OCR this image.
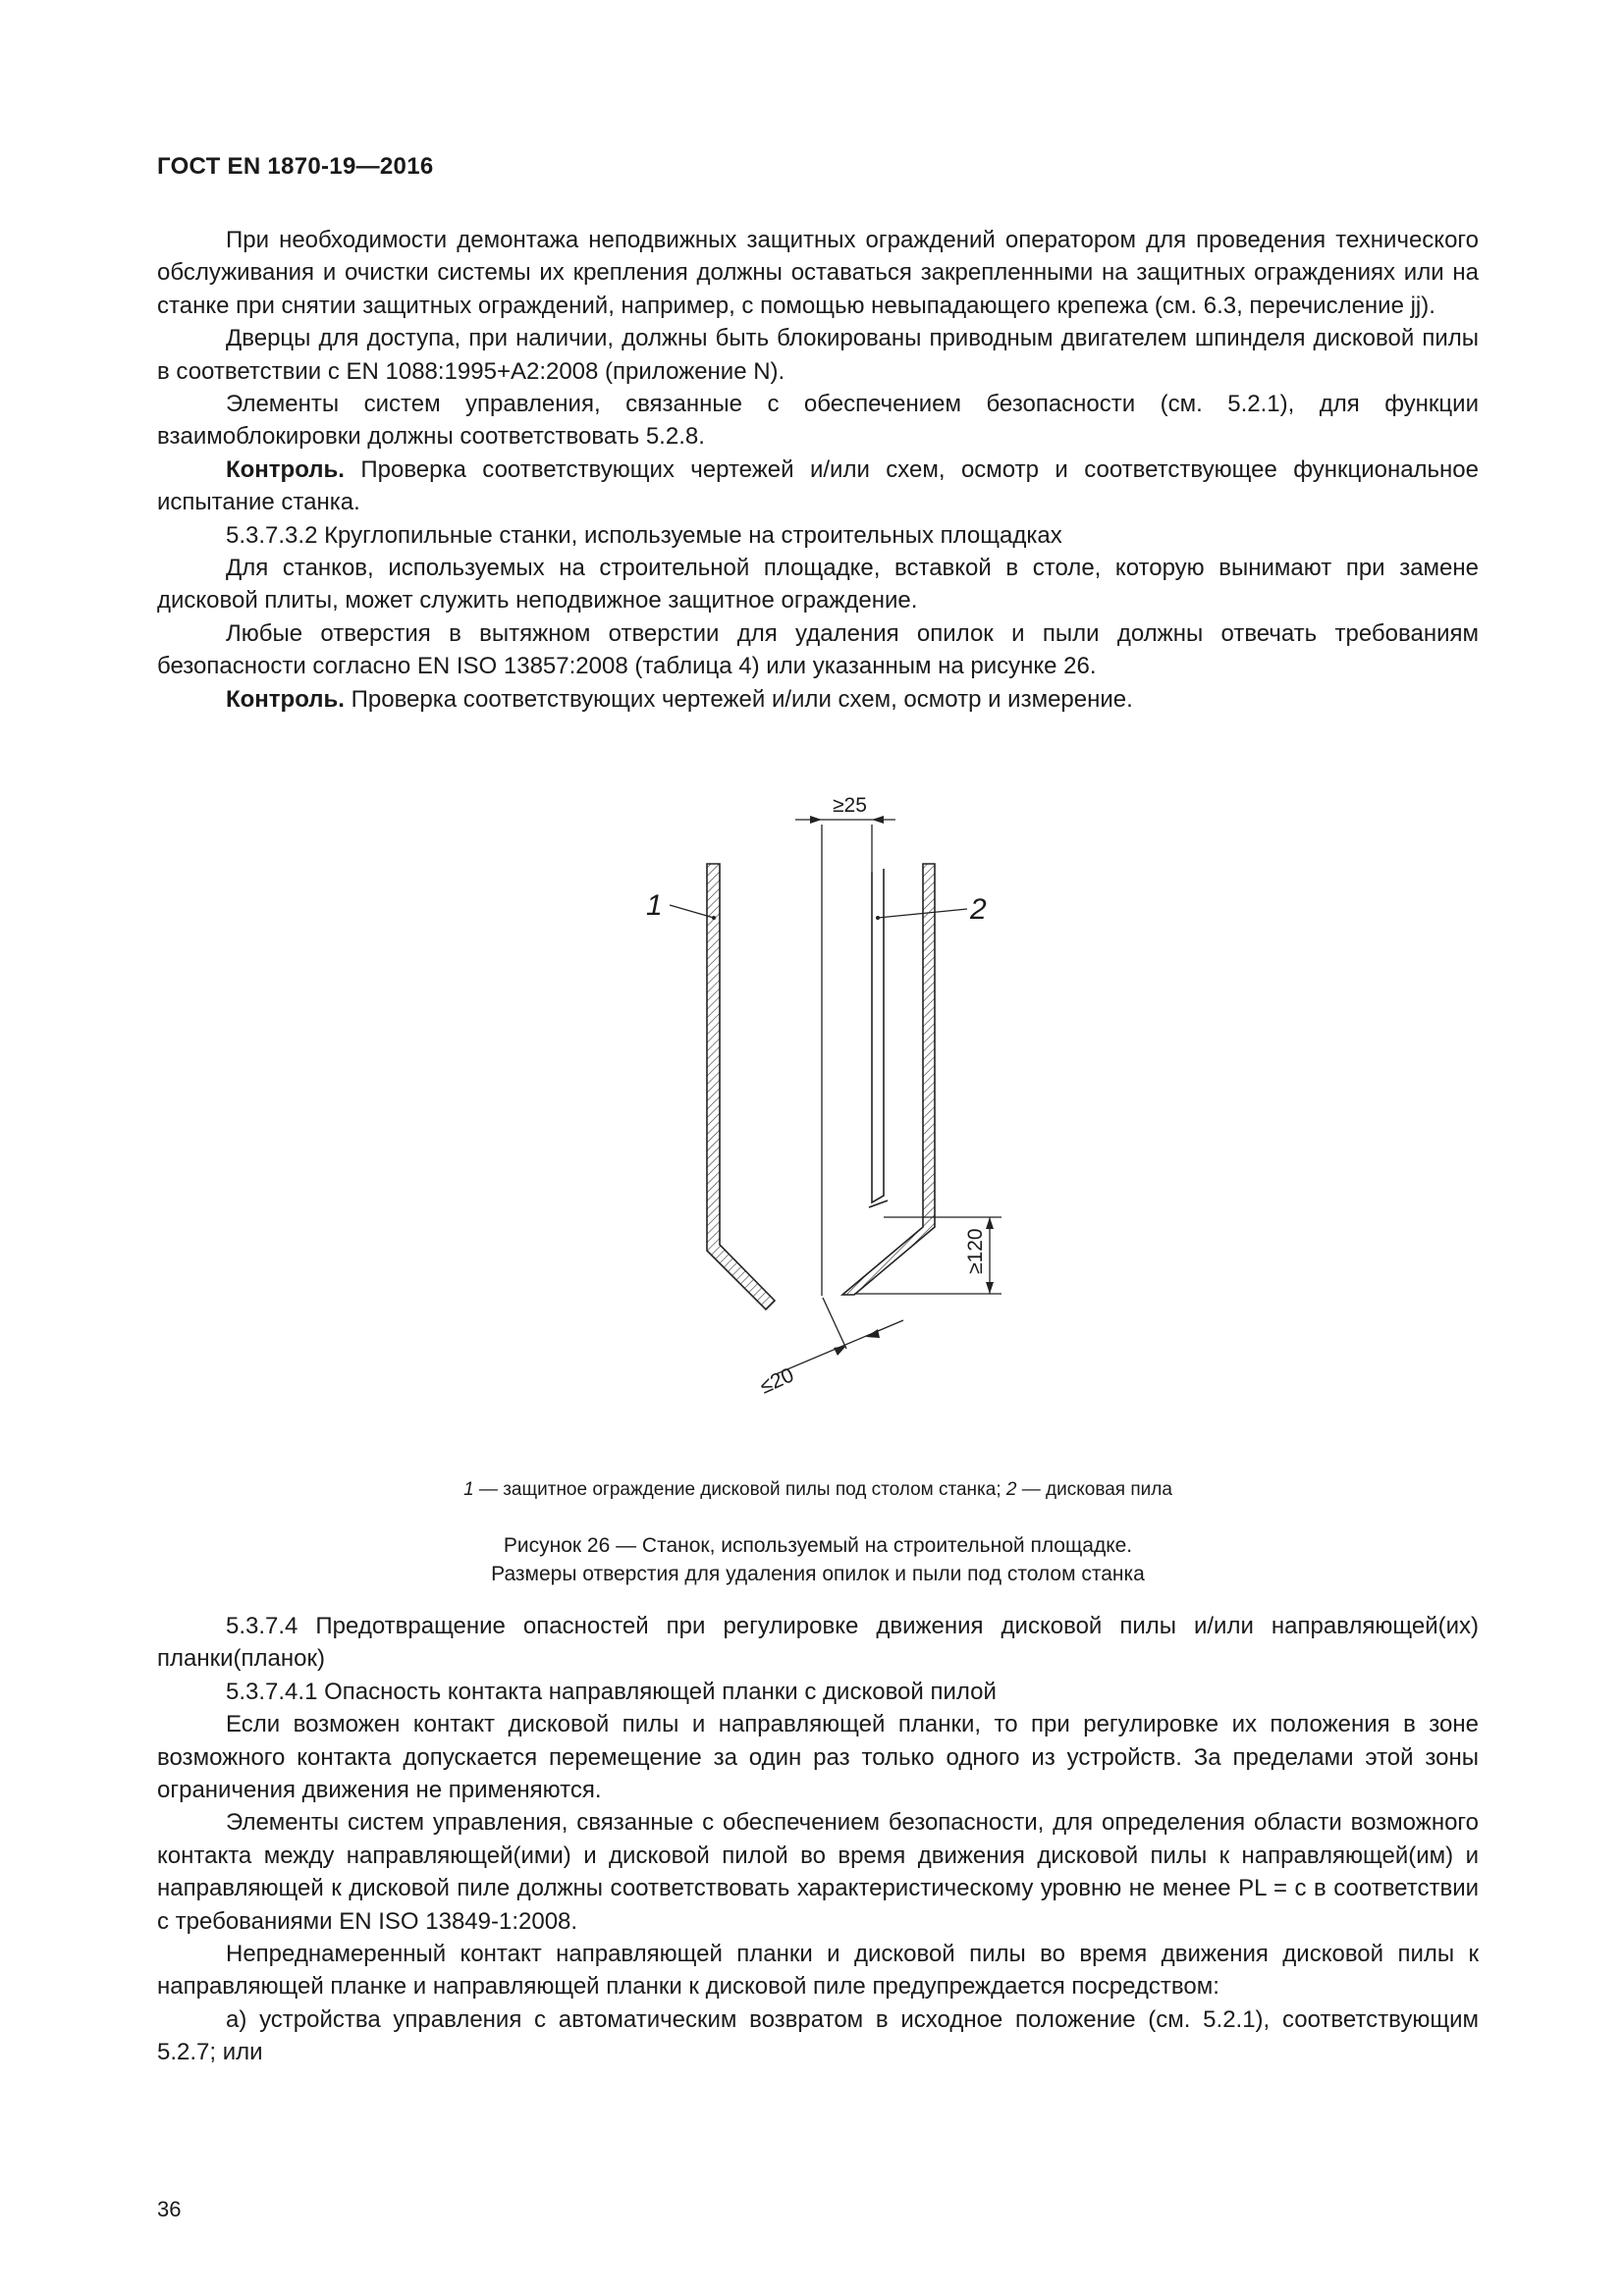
ГОСТ EN 1870-19—2016

При необходимости демонтажа неподвижных защитных ограждений оператором для проведения технического обслуживания и очистки системы их крепления должны оставаться закрепленными на защитных ограждениях или на станке при снятии защитных ограждений, например, с помощью невыпадающего крепежа (см. 6.3, перечисление jj).

Дверцы для доступа, при наличии, должны быть блокированы приводным двигателем шпинделя дисковой пилы в соответствии с EN 1088:1995+A2:2008 (приложение N).

Элементы систем управления, связанные с обеспечением безопасности (см. 5.2.1), для функции взаимоблокировки должны соответствовать 5.2.8.

Контроль. Проверка соответствующих чертежей и/или схем, осмотр и соответствующее функциональное испытание станка.

5.3.7.3.2 Круглопильные станки, используемые на строительных площадках

Для станков, используемых на строительной площадке, вставкой в столе, которую вынимают при замене дисковой плиты, может служить неподвижное защитное ограждение.

Любые отверстия в вытяжном отверстии для удаления опилок и пыли должны отвечать требованиям безопасности согласно EN ISO 13857:2008 (таблица 4) или указанным на рисунке 26.

Контроль. Проверка соответствующих чертежей и/или схем, осмотр и измерение.

≥25
≥120
≤20
1	2
1 — защитное ограждение дисковой пилы под столом станка; 2 — дисковая пила
Рисунок 26 — Станок, используемый на строительной площадке.
Размеры отверстия для удаления опилок и пыли под столом станка

5.3.7.4 Предотвращение опасностей при регулировке движения дисковой пилы и/или направляющей(их) планки(планок)

5.3.7.4.1 Опасность контакта направляющей планки с дисковой пилой

Если возможен контакт дисковой пилы и направляющей планки, то при регулировке их положения в зоне возможного контакта допускается перемещение за один раз только одного из устройств. За пределами этой зоны ограничения движения не применяются.

Элементы систем управления, связанные с обеспечением безопасности, для определения области возможного контакта между направляющей(ими) и дисковой пилой во время движения дисковой пилы к направляющей(им) и направляющей к дисковой пиле должны соответствовать характеристическому уровню не менее PL = c в соответствии с требованиями EN ISO 13849-1:2008.

Непреднамеренный контакт направляющей планки и дисковой пилы во время движения дисковой пилы к направляющей планке и направляющей планки к дисковой пиле предупреждается посредством:

a) устройства управления с автоматическим возвратом в исходное положение (см. 5.2.1), соответствующим 5.2.7; или

36
